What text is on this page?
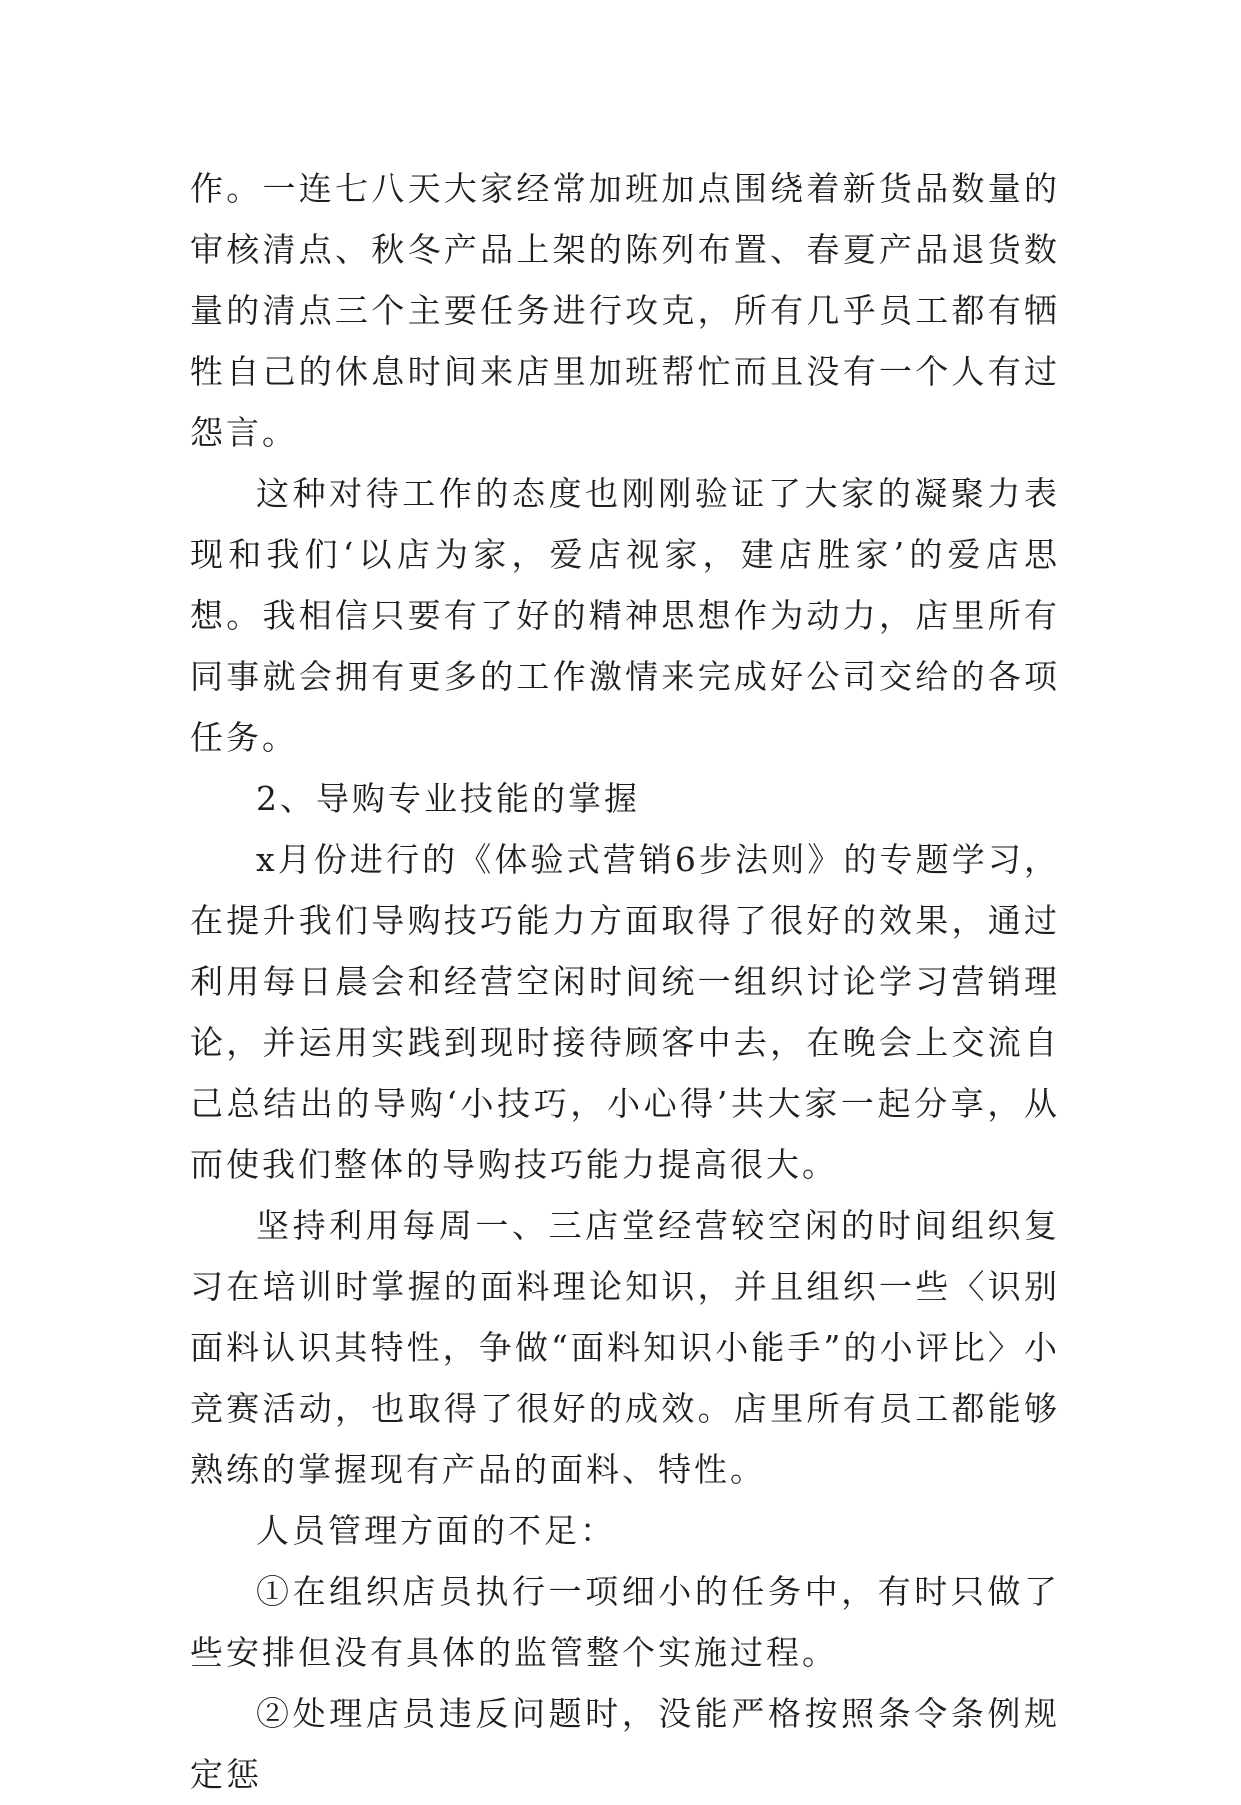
作。一连七八天大家经常加班加点围绕着新货品数量的审核清点、秋冬产品上架的陈列布置、春夏产品退货数量的清点三个主要任务进行攻克，所有几乎员工都有牺牲自己的休息时间来店里加班帮忙而且没有一个人有过怨言。

这种对待工作的态度也刚刚验证了大家的凝聚力表现和我们‘以店为家，爱店视家，建店胜家’的爱店思想。我相信只要有了好的精神思想作为动力，店里所有同事就会拥有更多的工作激情来完成好公司交给的各项任务。

2、导购专业技能的掌握

x月份进行的《体验式营销6步法则》的专题学习，在提升我们导购技巧能力方面取得了很好的效果，通过利用每日晨会和经营空闲时间统一组织讨论学习营销理论，并运用实践到现时接待顾客中去，在晚会上交流自己总结出的导购‘小技巧，小心得’共大家一起分享，从而使我们整体的导购技巧能力提高很大。

坚持利用每周一、三店堂经营较空闲的时间组织复习在培训时掌握的面料理论知识，并且组织一些〈识别面料认识其特性，争做“面料知识小能手”的小评比〉小竞赛活动，也取得了很好的成效。店里所有员工都能够熟练的掌握现有产品的面料、特性。

人员管理方面的不足：

①在组织店员执行一项细小的任务中，有时只做了些安排但没有具体的监管整个实施过程。

②处理店员违反问题时，没能严格按照条令条例规定惩
